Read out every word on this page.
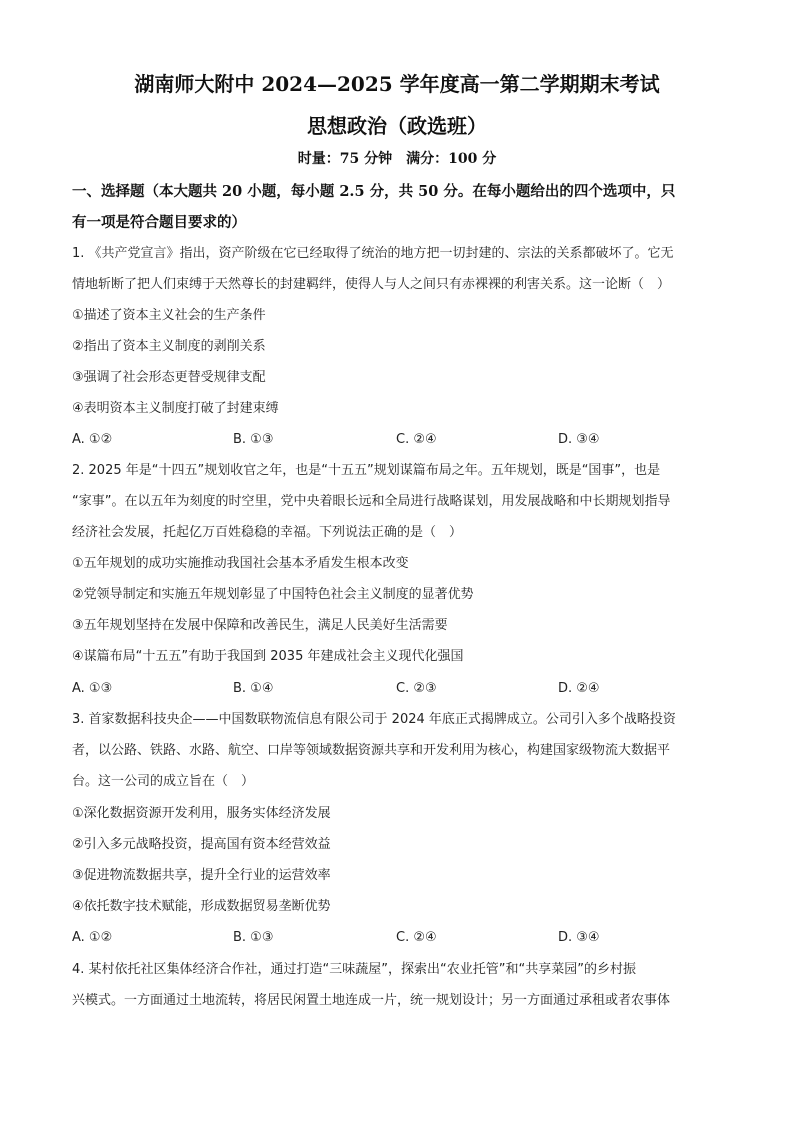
湖南师大附中 2024—2025 学年度高一第二学期期末考试
思想政治（政选班）
时量：75 分钟　满分：100 分
一、选择题（本大题共 20 小题，每小题 2.5 分，共 50 分。在每小题给出的四个选项中，只
有一项是符合题目要求的）
1. 《共产党宣言》指出，资产阶级在它已经取得了统治的地方把一切封建的、宗法的关系都破坏了。它无
情地斩断了把人们束缚于天然尊长的封建羁绊，使得人与人之间只有赤裸裸的利害关系。这一论断（　）
①描述了资本主义社会的生产条件
②指出了资本主义制度的剥削关系
③强调了社会形态更替受规律支配
④表明资本主义制度打破了封建束缚
A. ①②	B. ①③	C. ②④	D. ③④
2. 2025 年是“十四五”规划收官之年，也是“十五五”规划谋篇布局之年。五年规划，既是“国事”，也是
“家事”。在以五年为刻度的时空里，党中央着眼长远和全局进行战略谋划，用发展战略和中长期规划指导
经济社会发展，托起亿万百姓稳稳的幸福。下列说法正确的是（　）
①五年规划的成功实施推动我国社会基本矛盾发生根本改变
②党领导制定和实施五年规划彰显了中国特色社会主义制度的显著优势
③五年规划坚持在发展中保障和改善民生，满足人民美好生活需要
④谋篇布局“十五五”有助于我国到 2035 年建成社会主义现代化强国
A. ①③	B. ①④	C. ②③	D. ②④
3. 首家数据科技央企——中国数联物流信息有限公司于 2024 年底正式揭牌成立。公司引入多个战略投资
者，以公路、铁路、水路、航空、口岸等领域数据资源共享和开发利用为核心，构建国家级物流大数据平
台。这一公司的成立旨在（　）
①深化数据资源开发利用，服务实体经济发展
②引入多元战略投资，提高国有资本经营效益
③促进物流数据共享，提升全行业的运营效率
④依托数字技术赋能，形成数据贸易垄断优势
A. ①②	B. ①③	C. ②④	D. ③④
4. 某村依托社区集体经济合作社，通过打造“三味蔬屋”，探索出“农业托管”和“共享菜园”的乡村振
兴模式。一方面通过土地流转，将居民闲置土地连成一片，统一规划设计；另一方面通过承租或者农事体
